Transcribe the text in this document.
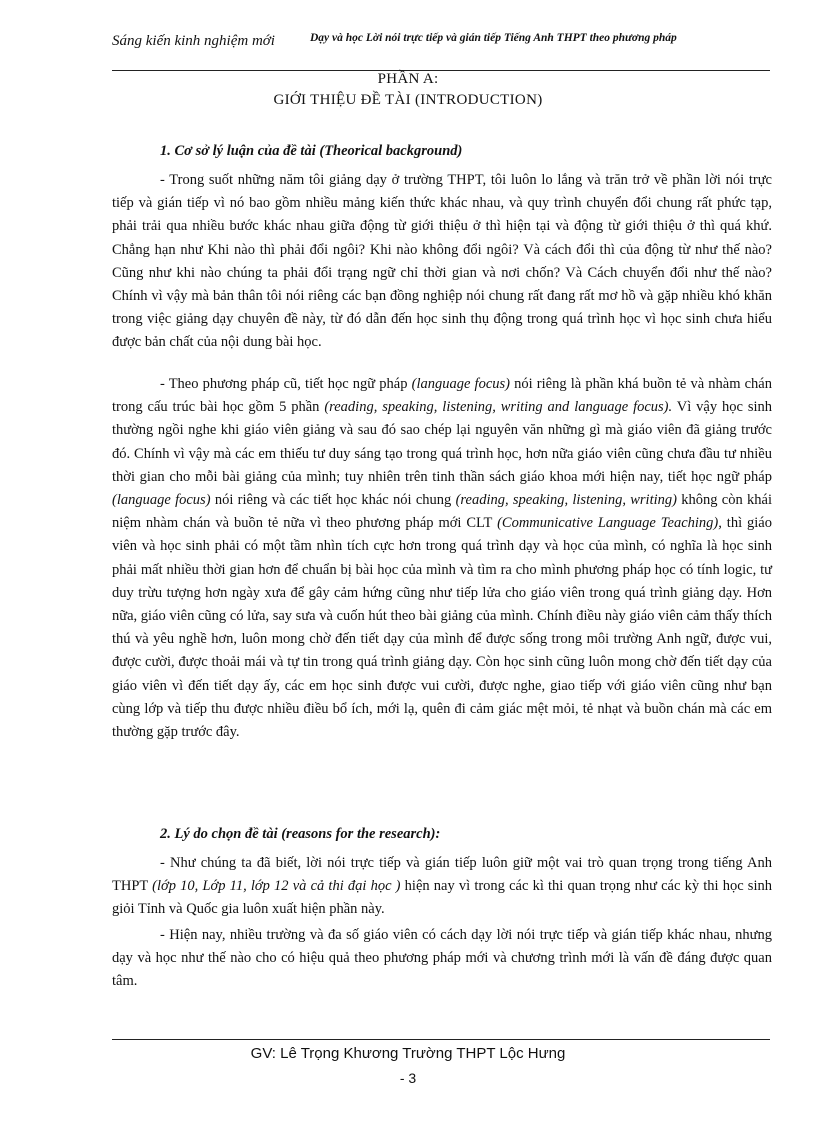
Sáng kiến kinh nghiệm mới	Dạy và học Lời nói trực tiếp và gián tiếp Tiếng Anh THPT theo phương pháp
PHẦN A:
GIỚI THIỆU ĐỀ TÀI (INTRODUCTION)
1. Cơ sở lý luận của đề tài (Theorical background)

- Trong suốt những năm tôi giảng dạy ở trường THPT, tôi luôn lo lắng và trăn trở về phần lời nói trực tiếp và gián tiếp vì nó bao gồm nhiều mảng kiến thức khác nhau, và quy trình chuyển đổi chung rất phức tạp, phải trải qua nhiều bước khác nhau giữa động từ giới thiệu ở thì hiện tại và động từ giới thiệu ở thì quá khứ. Chẳng hạn như Khi nào thì phải đổi ngôi? Khi nào không đổi ngôi? Và cách đổi thì của động từ như thế nào? Cũng như khi nào chúng ta phải đổi trạng ngữ chỉ thời gian và nơi chốn? Và Cách chuyển đổi như thế nào? Chính vì vậy mà bản thân tôi nói riêng các bạn đồng nghiệp nói chung rất đang rất mơ hồ và gặp nhiều khó khăn trong việc giảng dạy chuyên đề này, từ đó dẫn đến học sinh thụ động trong quá trình học vì học sinh chưa hiểu được bản chất của nội dung bài học.

- Theo phương pháp cũ, tiết học ngữ pháp (language focus) nói riêng là phần khá buồn tẻ và nhàm chán trong cấu trúc bài học gồm 5 phần (reading, speaking, listening, writing and language focus). Vì vậy học sinh thường ngồi nghe khi giáo viên giảng và sau đó sao chép lại nguyên văn những gì mà giáo viên đã giảng trước đó. Chính vì vậy mà các em thiếu tư duy sáng tạo trong quá trình học, hơn nữa giáo viên cũng chưa đầu tư nhiều thời gian cho mỗi bài giảng của mình; tuy nhiên trên tinh thần sách giáo khoa mới hiện nay, tiết học ngữ pháp (language focus) nói riêng và các tiết học khác nói chung (reading, speaking, listening, writing) không còn khái niệm nhàm chán và buồn tẻ nữa vì theo phương pháp mới CLT (Communicative Language Teaching), thì giáo viên và học sinh phải có một tầm nhìn tích cực hơn trong quá trình dạy và học của mình, có nghĩa là học sinh phải mất nhiều thời gian hơn để chuẩn bị bài học của mình và tìm ra cho mình phương pháp học có tính logic, tư duy trừu tượng hơn ngày xưa để gây cảm hứng cũng như tiếp lửa cho giáo viên trong quá trình giảng dạy. Hơn nữa, giáo viên cũng có lửa, say sưa và cuốn hút theo bài giảng của mình. Chính điều này giáo viên cảm thấy thích thú và yêu nghề hơn, luôn mong chờ đến tiết dạy của mình để được sống trong môi trường Anh ngữ, được vui, được cười, được thoải mái và tự tin trong quá trình giảng dạy. Còn học sinh cũng luôn mong chờ đến tiết dạy của giáo viên vì đến tiết dạy ấy, các em học sinh được vui cười, được nghe, giao tiếp với giáo viên cũng như bạn cùng lớp và tiếp thu được nhiều điều bổ ích, mới lạ, quên đi cảm giác mệt mỏi, tẻ nhạt và buồn chán mà các em thường gặp trước đây.

2. Lý do chọn đề tài (reasons for the research):

- Như chúng ta đã biết, lời nói trực tiếp và gián tiếp luôn giữ một vai trò quan trọng trong tiếng Anh THPT (lớp 10, Lớp 11, lớp 12 và cả thi đại học ) hiện nay vì trong các kì thi quan trọng như các kỳ thi học sinh giỏi Tỉnh và Quốc gia luôn xuất hiện phần này.

- Hiện nay, nhiều trường và đa số giáo viên có cách dạy lời nói trực tiếp và gián tiếp khác nhau, nhưng dạy và học như thế nào cho có hiệu quả theo phương pháp mới và chương trình mới là vấn đề đáng được quan tâm.

GV: Lê Trọng Khương Trường THPT Lộc Hưng
- 3
